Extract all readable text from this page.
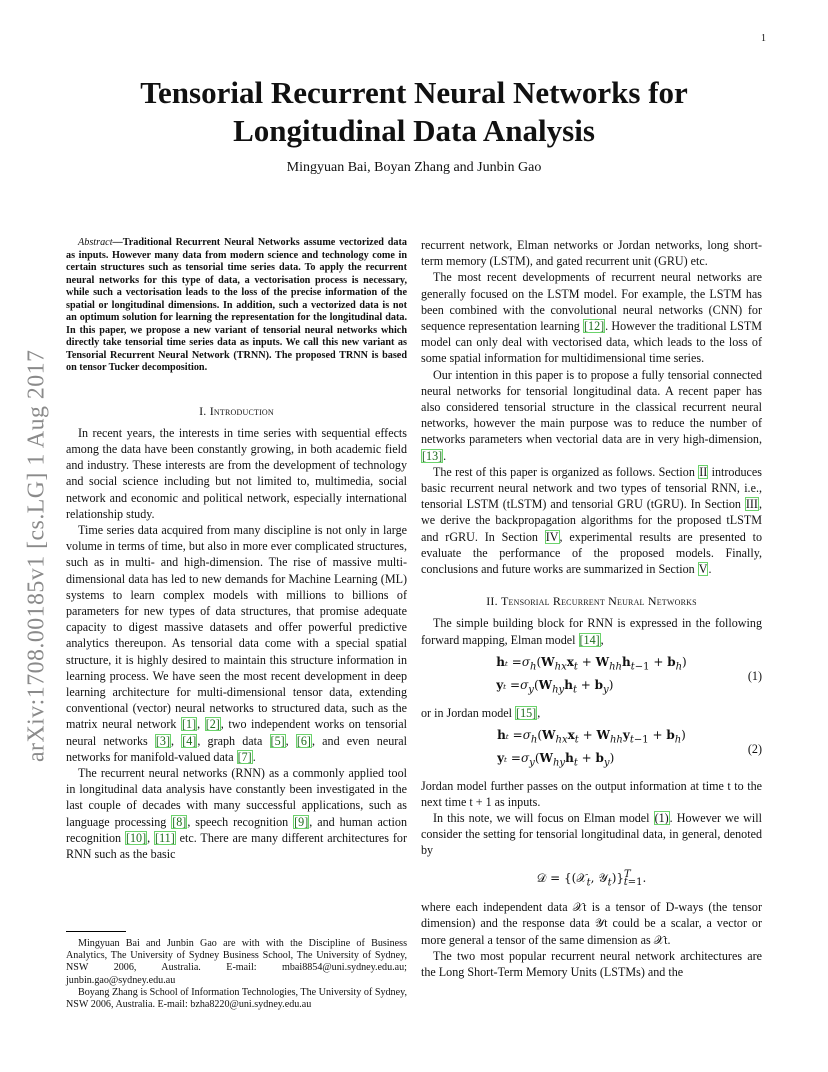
1
arXiv:1708.00185v1 [cs.LG] 1 Aug 2017
Tensorial Recurrent Neural Networks for
Longitudinal Data Analysis
Mingyuan Bai, Boyan Zhang and Junbin Gao

Abstract—Traditional Recurrent Neural Networks assume vectorized data as inputs. However many data from modern science and technology come in certain structures such as tensorial time series data. To apply the recurrent neural networks for this type of data, a vectorisation process is necessary, while such a vectorisation leads to the loss of the precise information of the spatial or longitudinal dimensions. In addition, such a vectorized data is not an optimum solution for learning the representation for the longitudinal data. In this paper, we propose a new variant of tensorial neural networks which directly take tensorial time series data as inputs. We call this new variant as Tensorial Recurrent Neural Network (TRNN). The proposed TRNN is based on tensor Tucker decomposition.

I. Introduction

In recent years, the interests in time series with sequential effects among the data have been constantly growing, in both academic field and industry. These interests are from the development of technology and social science including but not limited to, multimedia, social network and economic and political network, especially international relationship study.

Time series data acquired from many discipline is not only in large volume in terms of time, but also in more ever complicated structures, such as in multi- and high-dimension. The rise of massive multi-dimensional data has led to new demands for Machine Learning (ML) systems to learn complex models with millions to billions of parameters for new types of data structures, that promise adequate capacity to digest massive datasets and offer powerful predictive analytics thereupon. As tensorial data come with a special spatial structure, it is highly desired to maintain this structure information in learning process. We have seen the most recent development in deep learning architecture for multi-dimensional tensor data, extending conventional (vector) neural networks to structured data, such as the matrix neural network [1], [2], two independent works on tensorial neural networks [3], [4], graph data [5], [6], and even neural networks for manifold-valued data [7].

The recurrent neural networks (RNN) as a commonly applied tool in longitudinal data analysis have constantly been investigated in the last couple of decades with many successful applications, such as language processing [8], speech recognition [9], and human action recognition [10], [11] etc. There are many different architectures for RNN such as the basic

Mingyuan Bai and Junbin Gao are with with the Discipline of Business Analytics, The University of Sydney Business School, The University of Sydney, NSW 2006, Australia. E-mail: mbai8854@uni.sydney.edu.au; junbin.gao@sydney.edu.au

Boyang Zhang is School of Information Technologies, The University of Sydney, NSW 2006, Australia. E-mail: bzha8220@uni.sydney.edu.au

recurrent network, Elman networks or Jordan networks, long short-term memory (LSTM), and gated recurrent unit (GRU) etc.

The most recent developments of recurrent neural networks are generally focused on the LSTM model. For example, the LSTM has been combined with the convolutional neural networks (CNN) for sequence representation learning [12]. However the traditional LSTM model can only deal with vectorised data, which leads to the loss of some spatial information for multidimensional time series.

Our intention in this paper is to propose a fully tensorial connected neural networks for tensorial longitudinal data. A recent paper has also considered tensorial structure in the classical recurrent neural networks, however the main purpose was to reduce the number of networks parameters when vectorial data are in very high-dimension, [13].

The rest of this paper is organized as follows. Section II introduces basic recurrent neural network and two types of tensorial RNN, i.e., tensorial LSTM (tLSTM) and tensorial GRU (tGRU). In Section III, we derive the backpropagation algorithms for the proposed tLSTM and rGRU. In Section IV, experimental results are presented to evaluate the performance of the proposed models. Finally, conclusions and future works are summarized in Section V.

II. Tensorial Recurrent Neural Networks

The simple building block for RNN is expressed in the following forward mapping, Elman model [14],

$h_t =\sigma_h(W_{hx}x_t + W_{hh}h_{t-1} + b_h)$
$y_t =\sigma_y(W_{hy}h_t + b_y)$
(1)

or in Jordan model [15],

$h_t =\sigma_h(W_{hx}x_t + W_{hh}y_{t-1} + b_h)$
$y_t =\sigma_y(W_{hy}h_t + b_y)$
(2)

Jordan model further passes on the output information at time t to the next time t + 1 as inputs.

In this note, we will focus on Elman model (1). However we will consider the setting for tensorial longitudinal data, in general, denoted by

𝒟 = {(𝒳$_t$, 𝒴$_t$)}$^T_{t=1}$.

where each independent data 𝒳t is a tensor of D-ways (the tensor dimension) and the response data 𝒴t could be a scalar, a vector or more general a tensor of the same dimension as 𝒳t.

The two most popular recurrent neural network architectures are the Long Short-Term Memory Units (LSTMs) and the
